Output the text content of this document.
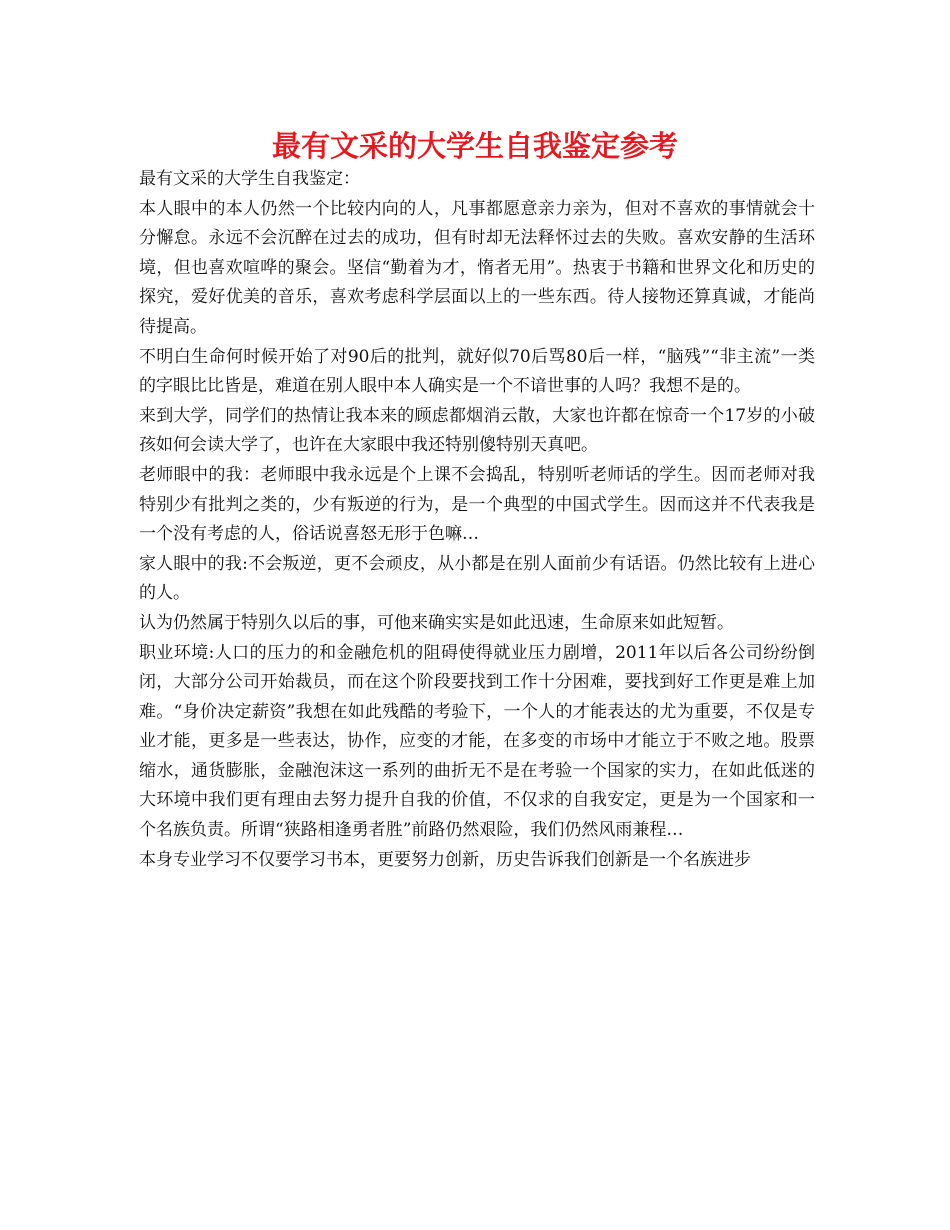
最有文采的大学生自我鉴定参考

最有文采的大学生自我鉴定：

本人眼中的本人仍然一个比较内向的人，凡事都愿意亲力亲为，但对不喜欢的事情就会十分懈怠。永远不会沉醉在过去的成功，但有时却无法释怀过去的失败。喜欢安静的生活环境，但也喜欢喧哗的聚会。坚信“勤着为才，惰者无用”。热衷于书籍和世界文化和历史的探究，爱好优美的音乐，喜欢考虑科学层面以上的一些东西。待人接物还算真诚，才能尚待提高。

不明白生命何时候开始了对90后的批判，就好似70后骂80后一样，“脑残”“非主流”一类的字眼比比皆是，难道在别人眼中本人确实是一个不谙世事的人吗？我想不是的。

来到大学，同学们的热情让我本来的顾虑都烟消云散，大家也许都在惊奇一个17岁的小破孩如何会读大学了，也许在大家眼中我还特别傻特别天真吧。

老师眼中的我：老师眼中我永远是个上课不会捣乱，特别听老师话的学生。因而老师对我特别少有批判之类的，少有叛逆的行为，是一个典型的中国式学生。因而这并不代表我是一个没有考虑的人，俗话说喜怒无形于色嘛…

家人眼中的我:不会叛逆，更不会顽皮，从小都是在别人面前少有话语。仍然比较有上进心的人。

认为仍然属于特别久以后的事，可他来确实实是如此迅速，生命原来如此短暂。

职业环境:人口的压力的和金融危机的阻碍使得就业压力剧增，2011年以后各公司纷纷倒闭，大部分公司开始裁员，而在这个阶段要找到工作十分困难，要找到好工作更是难上加难。“身价决定薪资”我想在如此残酷的考验下，一个人的才能表达的尤为重要，不仅是专业才能，更多是一些表达，协作，应变的才能，在多变的市场中才能立于不败之地。股票缩水，通货膨胀，金融泡沫这一系列的曲折无不是在考验一个国家的实力，在如此低迷的大环境中我们更有理由去努力提升自我的价值，不仅求的自我安定，更是为一个国家和一个名族负责。所谓“狭路相逢勇者胜”前路仍然艰险，我们仍然风雨兼程…

本身专业学习不仅要学习书本，更要努力创新，历史告诉我们创新是一个名族进步
